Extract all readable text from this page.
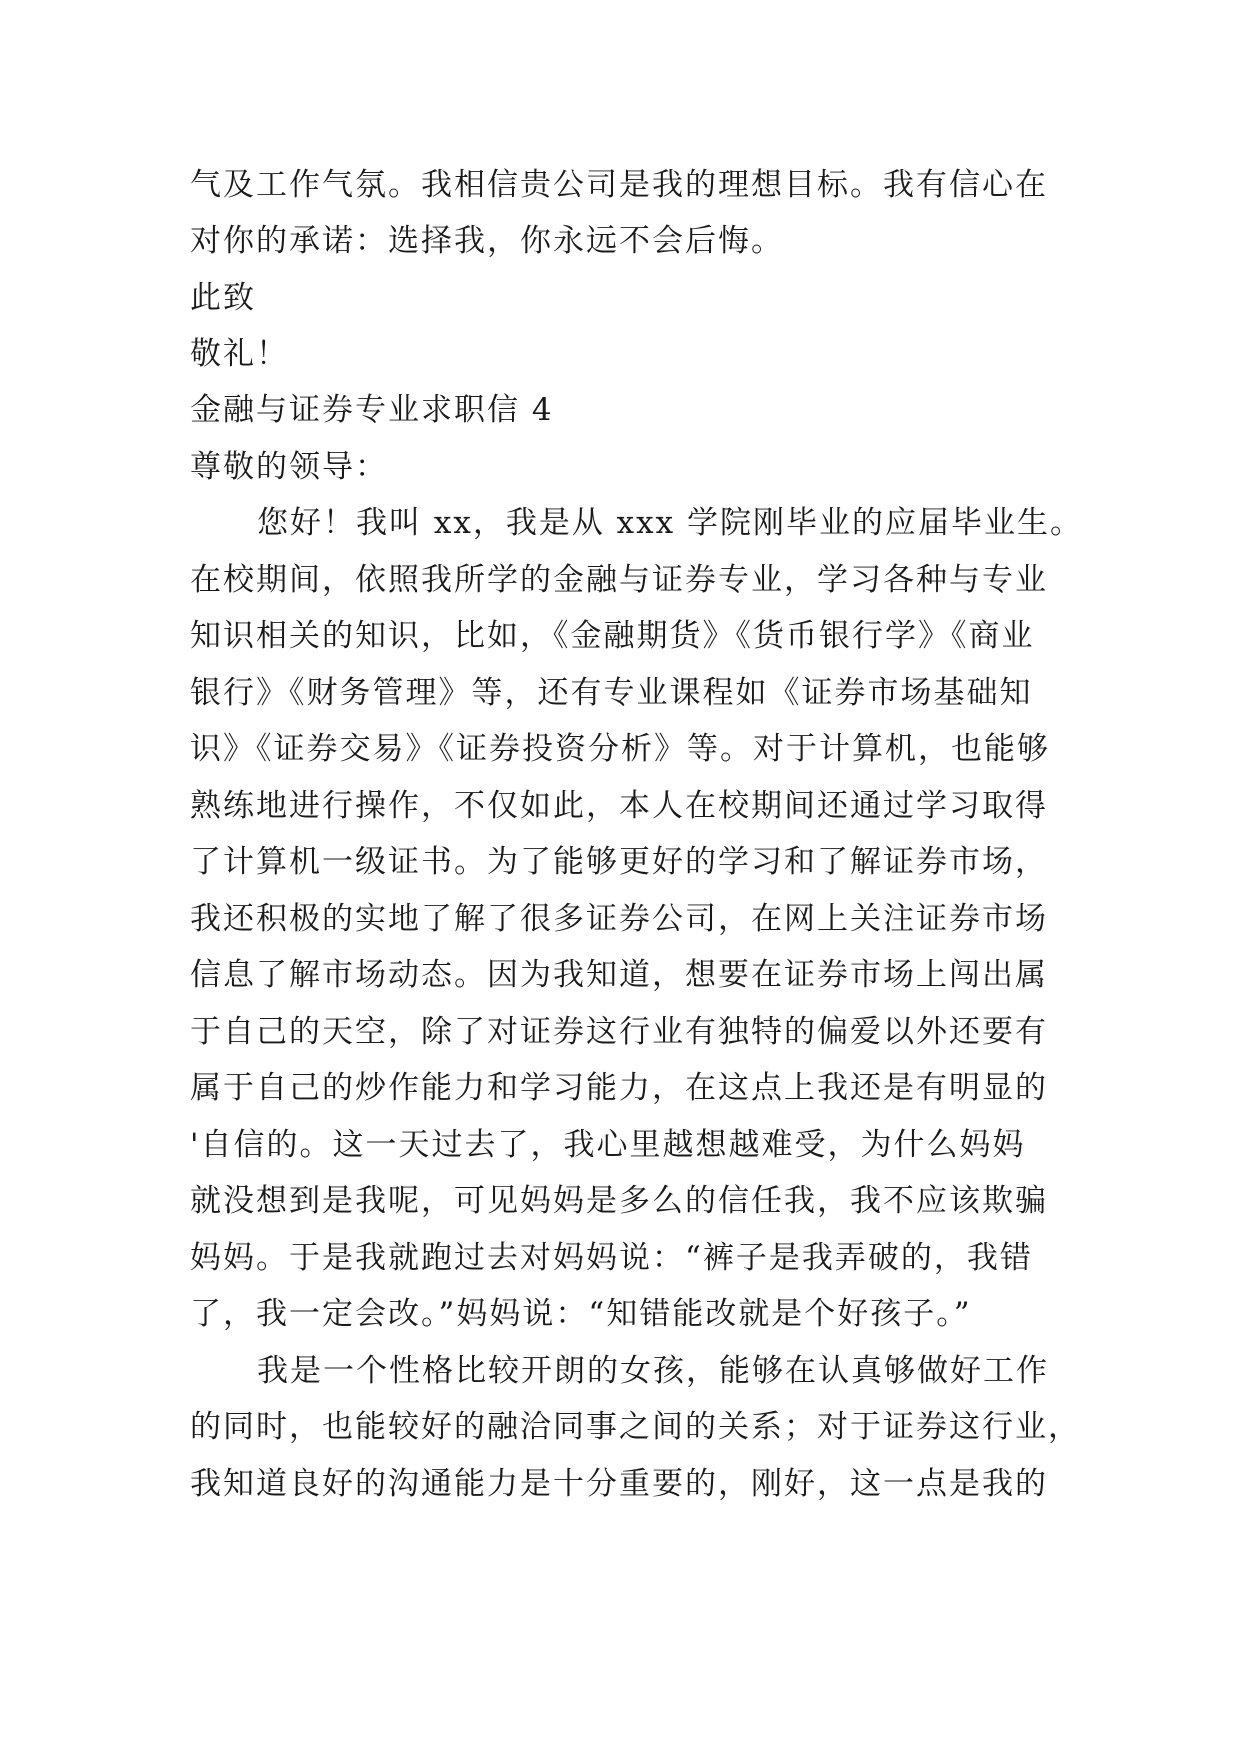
气及工作气氛。我相信贵公司是我的理想目标。我有信心在
对你的承诺：选择我，你永远不会后悔。
此致
敬礼！
金融与证券专业求职信 4
尊敬的领导：
您好！我叫 xx，我是从 xxx 学院刚毕业的应届毕业生。
在校期间，依照我所学的金融与证券专业，学习各种与专业
知识相关的知识，比如，《金融期货》《货币银行学》《商业
银行》《财务管理》等，还有专业课程如《证券市场基础知
识》《证券交易》《证券投资分析》等。对于计算机，也能够
熟练地进行操作，不仅如此，本人在校期间还通过学习取得
了计算机一级证书。为了能够更好的学习和了解证券市场，
我还积极的实地了解了很多证券公司，在网上关注证券市场
信息了解市场动态。因为我知道，想要在证券市场上闯出属
于自己的天空，除了对证券这行业有独特的偏爱以外还要有
属于自己的炒作能力和学习能力，在这点上我还是有明显的
'自信的。这一天过去了，我心里越想越难受，为什么妈妈
就没想到是我呢，可见妈妈是多么的信任我，我不应该欺骗
妈妈。于是我就跑过去对妈妈说：“裤子是我弄破的，我错
了，我一定会改。”妈妈说：“知错能改就是个好孩子。”
我是一个性格比较开朗的女孩，能够在认真够做好工作
的同时，也能较好的融洽同事之间的关系；对于证券这行业，
我知道良好的沟通能力是十分重要的，刚好，这一点是我的
